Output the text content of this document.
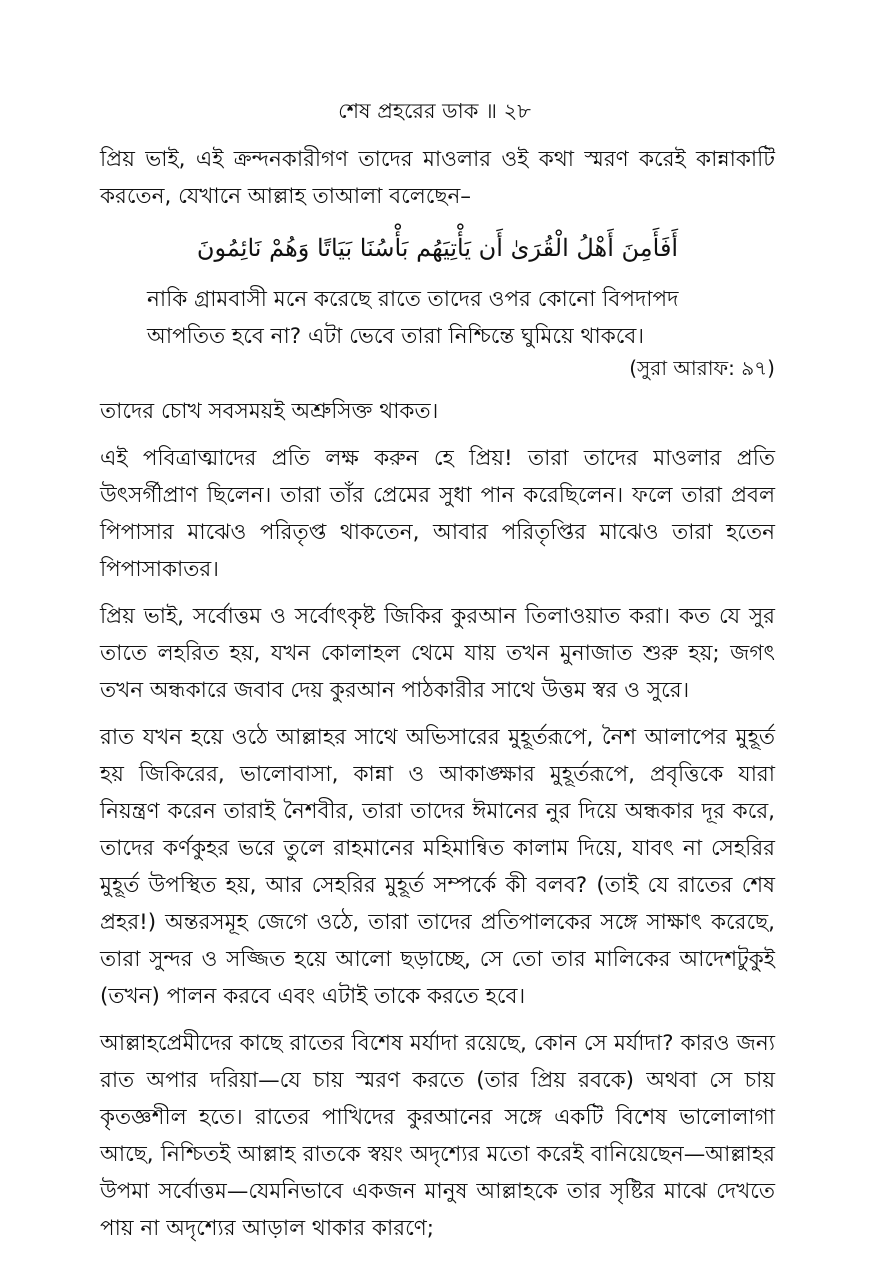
শেষ প্রহরের ডাক ॥ ২৮

প্রিয় ভাই, এই ক্রন্দনকারীগণ তাদের মাওলার ওই কথা স্মরণ করেই কান্নাকাটি করতেন, যেখানে আল্লাহ তাআলা বলেছেন–

أَفَأَمِنَ أَهْلُ الْقُرَىٰ أَن يَأْتِيَهُم بَأْسُنَا بَيَاتًا وَهُمْ نَائِمُونَ
নাকি গ্রামবাসী মনে করেছে রাতে তাদের ওপর কোনো বিপদাপদ
আপতিত হবে না? এটা ভেবে তারা নিশ্চিন্তে ঘুমিয়ে থাকবে।
(সুরা আরাফ: ৯৭)

তাদের চোখ সবসময়ই অশ্রুসিক্ত থাকত।

এই পবিত্রাত্মাদের প্রতি লক্ষ করুন হে প্রিয়! তারা তাদের মাওলার প্রতি উৎসর্গীপ্রাণ ছিলেন। তারা তাঁর প্রেমের সুধা পান করেছিলেন। ফলে তারা প্রবল পিপাসার মাঝেও পরিতৃপ্ত থাকতেন, আবার পরিতৃপ্তির মাঝেও তারা হতেন পিপাসাকাতর।

প্রিয় ভাই, সর্বোত্তম ও সর্বোৎকৃষ্ট জিকির কুরআন তিলাওয়াত করা। কত যে সুর তাতে লহরিত হয়, যখন কোলাহল থেমে যায় তখন মুনাজাত শুরু হয়; জগৎ তখন অন্ধকারে জবাব দেয় কুরআন পাঠকারীর সাথে উত্তম স্বর ও সুরে।

রাত যখন হয়ে ওঠে আল্লাহর সাথে অভিসারের মুহূর্তরূপে, নৈশ আলাপের মুহূর্ত হয় জিকিরের, ভালোবাসা, কান্না ও আকাঙ্ক্ষার মুহূর্তরূপে, প্রবৃত্তিকে যারা নিয়ন্ত্রণ করেন তারাই নৈশবীর, তারা তাদের ঈমানের নুর দিয়ে অন্ধকার দূর করে, তাদের কর্ণকুহর ভরে তুলে রাহমানের মহিমান্বিত কালাম দিয়ে, যাবৎ না সেহরির মুহূর্ত উপস্থিত হয়, আর সেহরির মুহূর্ত সম্পর্কে কী বলব? (তাই যে রাতের শেষ প্রহর!) অন্তরসমূহ জেগে ওঠে, তারা তাদের প্রতিপালকের সঙ্গে সাক্ষাৎ করেছে, তারা সুন্দর ও সজ্জিত হয়ে আলো ছড়াচ্ছে, সে তো তার মালিকের আদেশটুকুই (তখন) পালন করবে এবং এটাই তাকে করতে হবে।

আল্লাহপ্রেমীদের কাছে রাতের বিশেষ মর্যাদা রয়েছে, কোন সে মর্যাদা? কারও জন্য রাত অপার দরিয়া—যে চায় স্মরণ করতে (তার প্রিয় রবকে) অথবা সে চায় কৃতজ্ঞশীল হতে। রাতের পাখিদের কুরআনের সঙ্গে একটি বিশেষ ভালোলাগা আছে, নিশ্চিতই আল্লাহ রাতকে স্বয়ং অদৃশ্যের মতো করেই বানিয়েছেন—আল্লাহর উপমা সর্বোত্তম—যেমনিভাবে একজন মানুষ আল্লাহকে তার সৃষ্টির মাঝে দেখতে পায় না অদৃশ্যের আড়াল থাকার কারণে;
